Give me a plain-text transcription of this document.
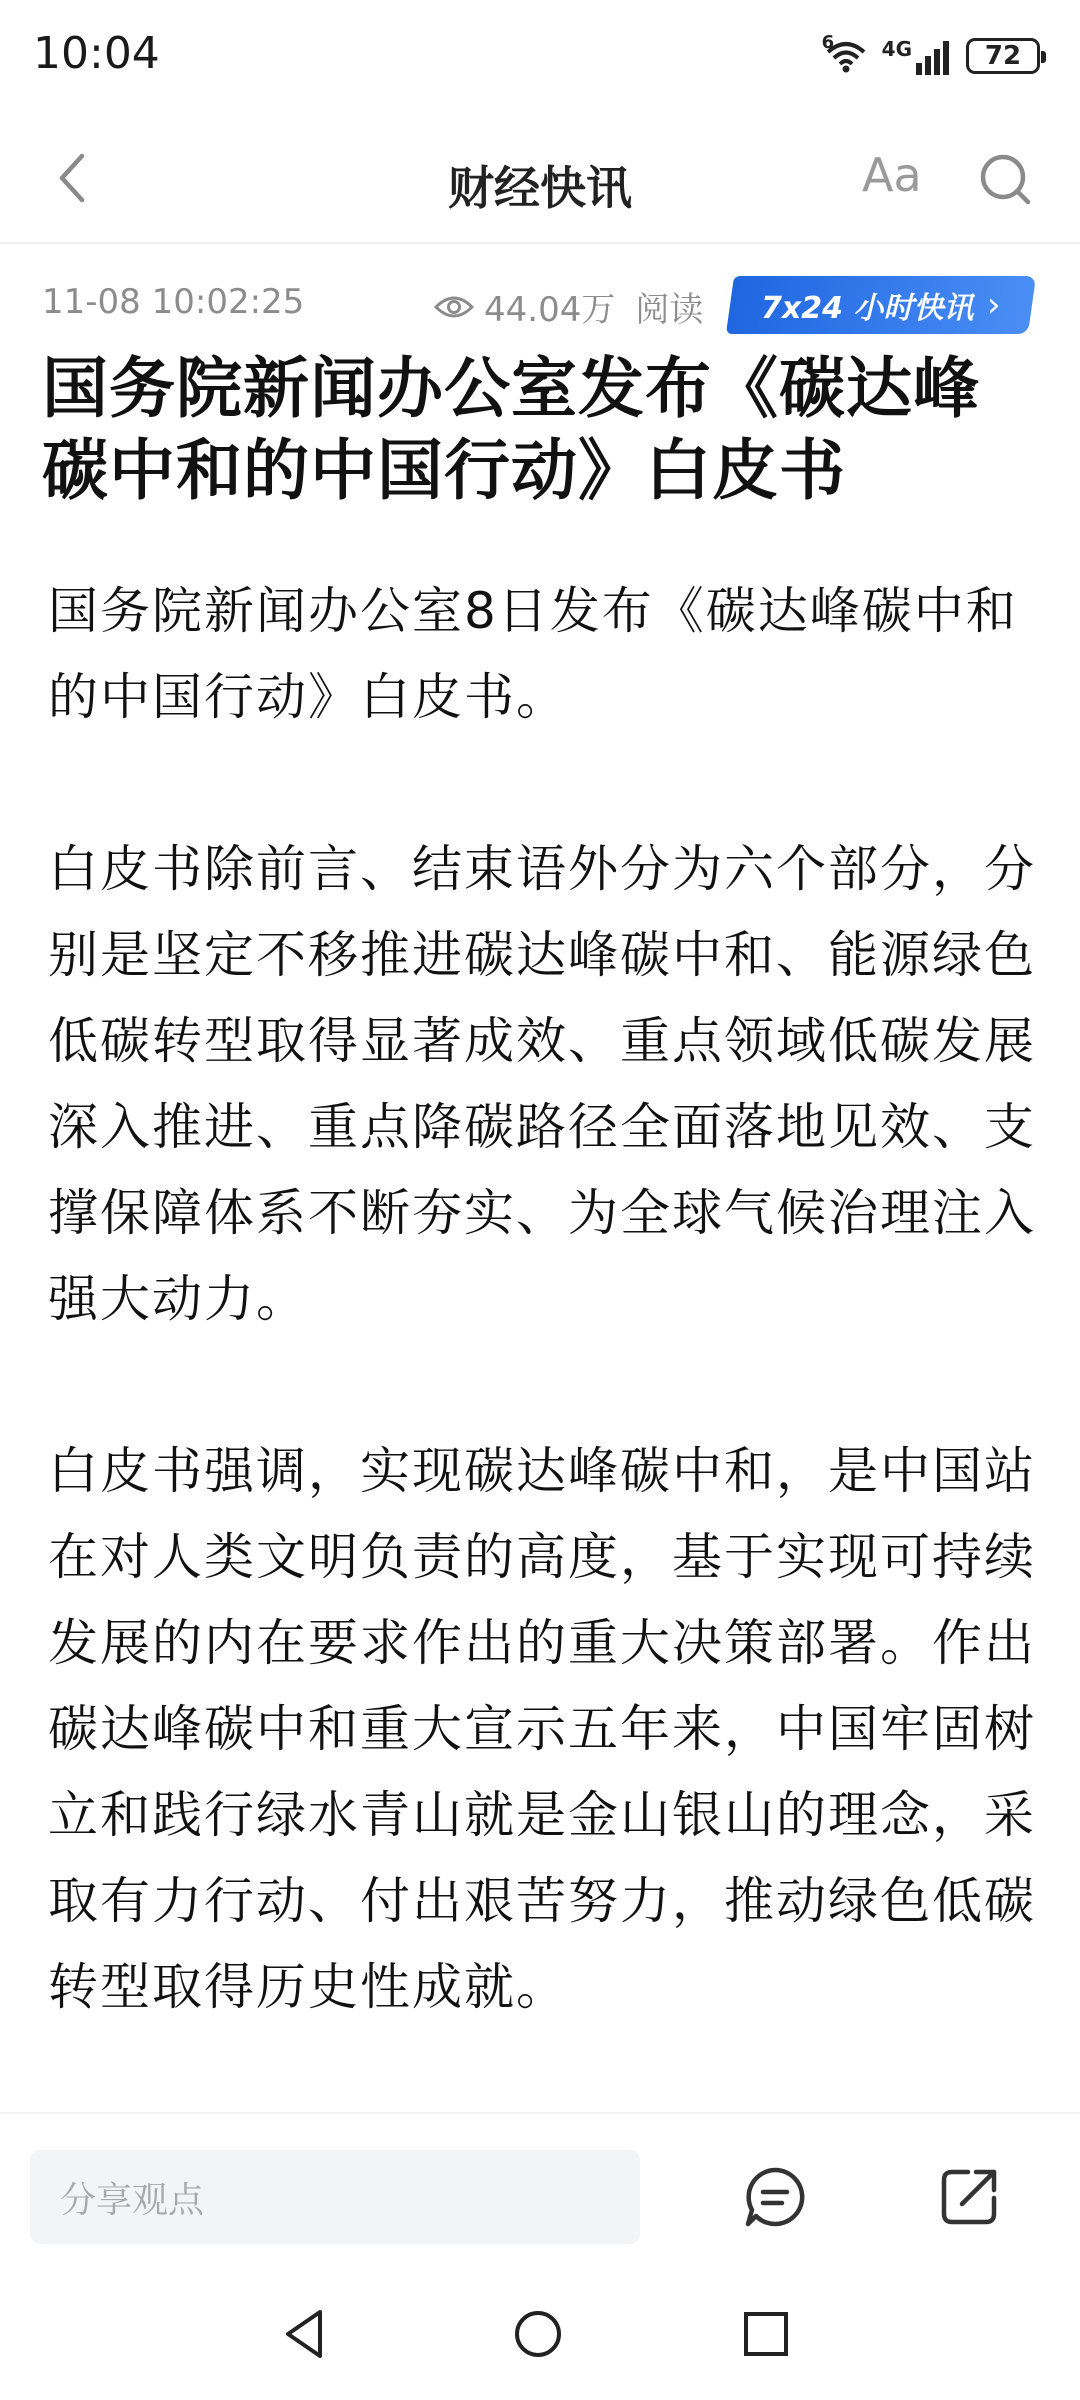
10:04	6 4G	72
财经快讯	Aa
11-08 10:02:25	44.04万 阅读 7x24 小时快讯 ›
国务院新闻办公室发布《碳达峰碳中和的中国行动》白皮书

国务院新闻办公室8日发布《碳达峰碳中和的中国行动》白皮书。

白皮书除前言、结束语外分为六个部分，分别是坚定不移推进碳达峰碳中和、能源绿色低碳转型取得显著成效、重点领域低碳发展深入推进、重点降碳路径全面落地见效、支撑保障体系不断夯实、为全球气候治理注入强大动力。

白皮书强调，实现碳达峰碳中和，是中国站在对人类文明负责的高度，基于实现可持续发展的内在要求作出的重大决策部署。作出碳达峰碳中和重大宣示五年来，中国牢固树立和践行绿水青山就是金山银山的理念，采取有力行动、付出艰苦努力，推动绿色低碳转型取得历史性成就。

分享观点
